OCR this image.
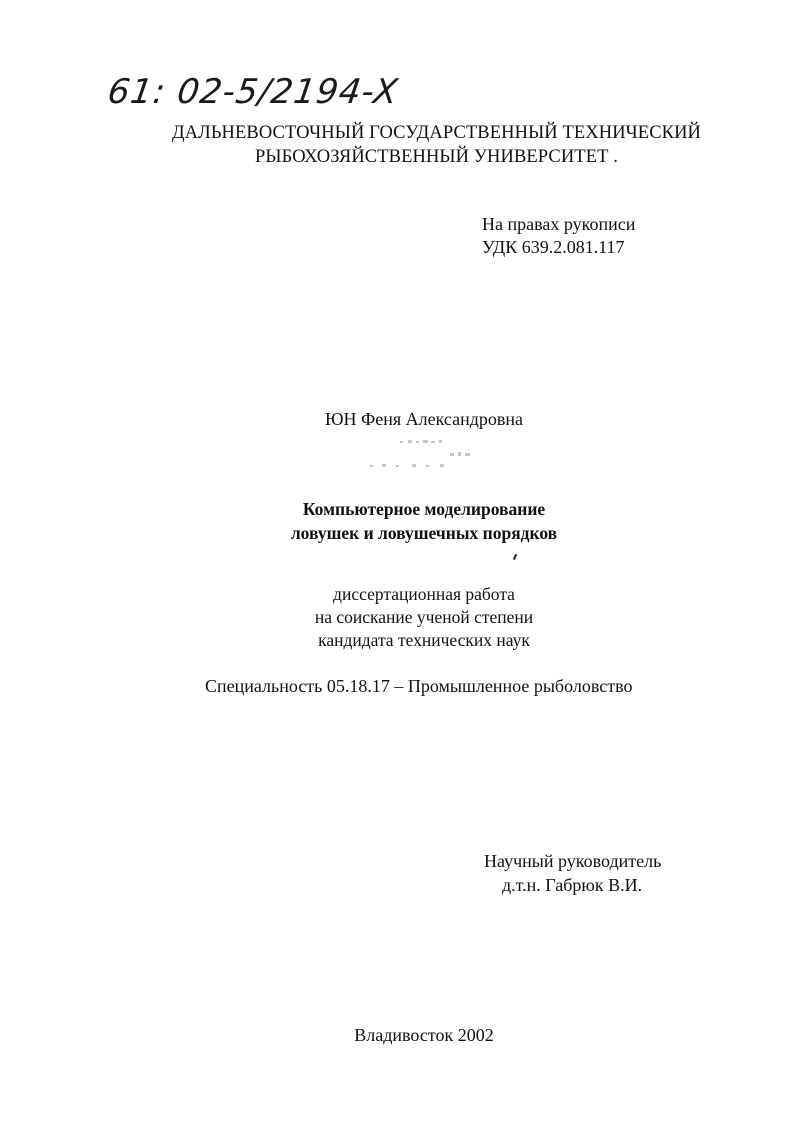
61: 02-5/2194-X
ДАЛЬНЕВОСТОЧНЫЙ ГОСУДАРСТВЕННЫЙ ТЕХНИЧЕСКИЙ
РЫБОХОЗЯЙСТВЕННЫЙ УНИВЕРСИТЕТ .
На правах рукописи
УДК 639.2.081.117
ЮН Феня Александровна
Компьютерное моделирование
ловушек и ловушечных порядков
диссертационная работа
на соискание ученой степени
кандидата технических наук
Специальность 05.18.17 – Промышленное рыболовство
Научный руководитель
д.т.н. Габрюк В.И.
Владивосток 2002
